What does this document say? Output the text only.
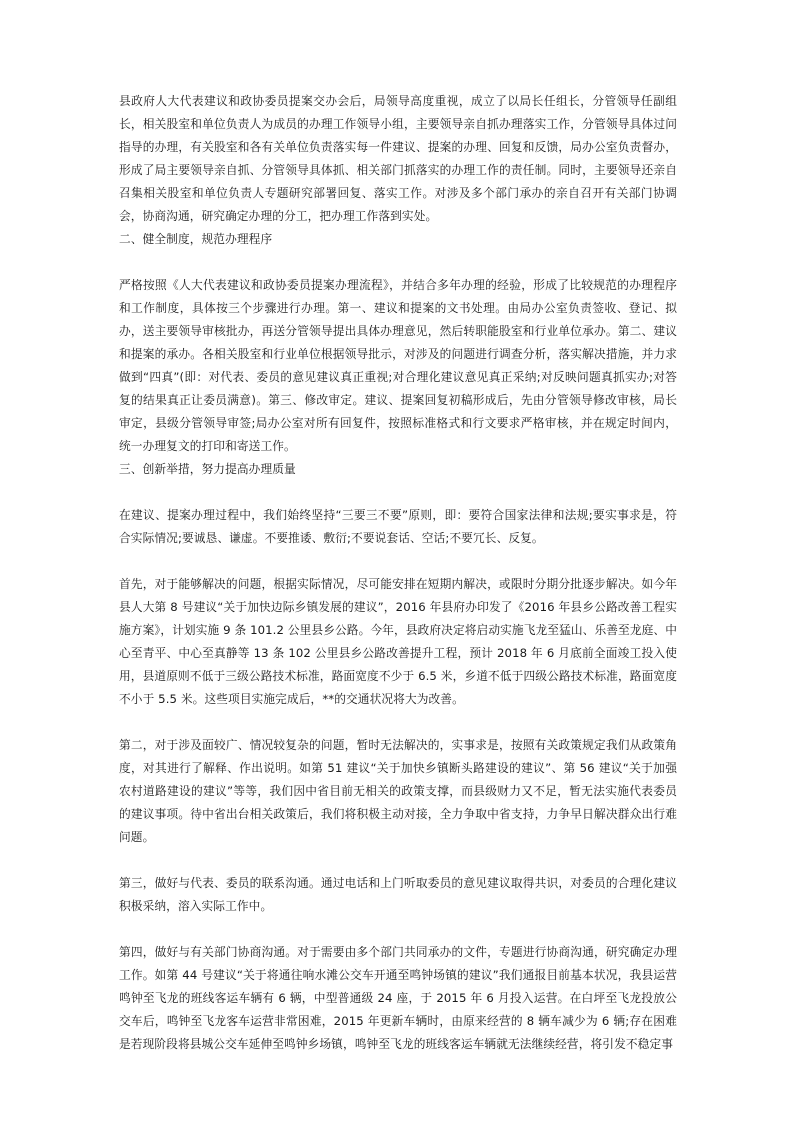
县政府人大代表建议和政协委员提案交办会后，局领导高度重视，成立了以局长任组长，分管领导任副组长，相关股室和单位负责人为成员的办理工作领导小组，主要领导亲自抓办理落实工作，分管领导具体过问指导的办理，有关股室和各有关单位负责落实每一件建议、提案的办理、回复和反馈，局办公室负责督办，形成了局主要领导亲自抓、分管领导具体抓、相关部门抓落实的办理工作的责任制。同时，主要领导还亲自召集相关股室和单位负责人专题研究部署回复、落实工作。对涉及多个部门承办的亲自召开有关部门协调会，协商沟通，研究确定办理的分工，把办理工作落到实处。

二、健全制度，规范办理程序

严格按照《人大代表建议和政协委员提案办理流程》，并结合多年办理的经验，形成了比较规范的办理程序和工作制度，具体按三个步骤进行办理。第一、建议和提案的文书处理。由局办公室负责签收、登记、拟办，送主要领导审核批办，再送分管领导提出具体办理意见，然后转职能股室和行业单位承办。第二、建议和提案的承办。各相关股室和行业单位根据领导批示，对涉及的问题进行调查分析，落实解决措施，并力求做到“四真”(即：对代表、委员的意见建议真正重视;对合理化建议意见真正采纳;对反映问题真抓实办;对答复的结果真正让委员满意)。第三、修改审定。建议、提案回复初稿形成后，先由分管领导修改审核，局长审定，县级分管领导审签;局办公室对所有回复件，按照标准格式和行文要求严格审核，并在规定时间内，统一办理复文的打印和寄送工作。

三、创新举措，努力提高办理质量

在建议、提案办理过程中，我们始终坚持“三要三不要”原则，即：要符合国家法律和法规;要实事求是，符合实际情况;要诚恳、谦虚。不要推诿、敷衍;不要说套话、空话;不要冗长、反复。

首先，对于能够解决的问题，根据实际情况，尽可能安排在短期内解决，或限时分期分批逐步解决。如今年县人大第 8 号建议“关于加快边际乡镇发展的建议”，2016 年县府办印发了《2016 年县乡公路改善工程实施方案》，计划实施 9 条 101.2 公里县乡公路。今年，县政府决定将启动实施飞龙至猛山、乐善至龙庭、中心至青平、中心至真静等 13 条 102 公里县乡公路改善提升工程，预计 2018 年 6 月底前全面竣工投入使用，县道原则不低于三级公路技术标准，路面宽度不少于 6.5 米，乡道不低于四级公路技术标准，路面宽度不小于 5.5 米。这些项目实施完成后，**的交通状况将大为改善。

第二，对于涉及面较广、情况较复杂的问题，暂时无法解决的，实事求是，按照有关政策规定我们从政策角度，对其进行了解释、作出说明。如第 51 建议“关于加快乡镇断头路建设的建议”、第 56 建议“关于加强农村道路建设的建议”等等，我们因中省目前无相关的政策支撑，而县级财力又不足，暂无法实施代表委员的建议事项。待中省出台相关政策后，我们将积极主动对接，全力争取中省支持，力争早日解决群众出行难问题。

第三，做好与代表、委员的联系沟通。通过电话和上门听取委员的意见建议取得共识，对委员的合理化建议积极采纳，溶入实际工作中。

第四，做好与有关部门协商沟通。对于需要由多个部门共同承办的文件，专题进行协商沟通，研究确定办理工作。如第 44 号建议“关于将通往响水滩公交车开通至鸣钟场镇的建议”我们通报目前基本状况，我县运营鸣钟至飞龙的班线客运车辆有 6 辆，中型普通级 24 座，于 2015 年 6 月投入运营。在白坪至飞龙投放公交车后，鸣钟至飞龙客车运营非常困难，2015 年更新车辆时，由原来经营的 8 辆车减少为 6 辆;存在困难是若现阶段将县城公交车延伸至鸣钟乡场镇，鸣钟至飞龙的班线客运车辆就无法继续经营，将引发不稳定事
